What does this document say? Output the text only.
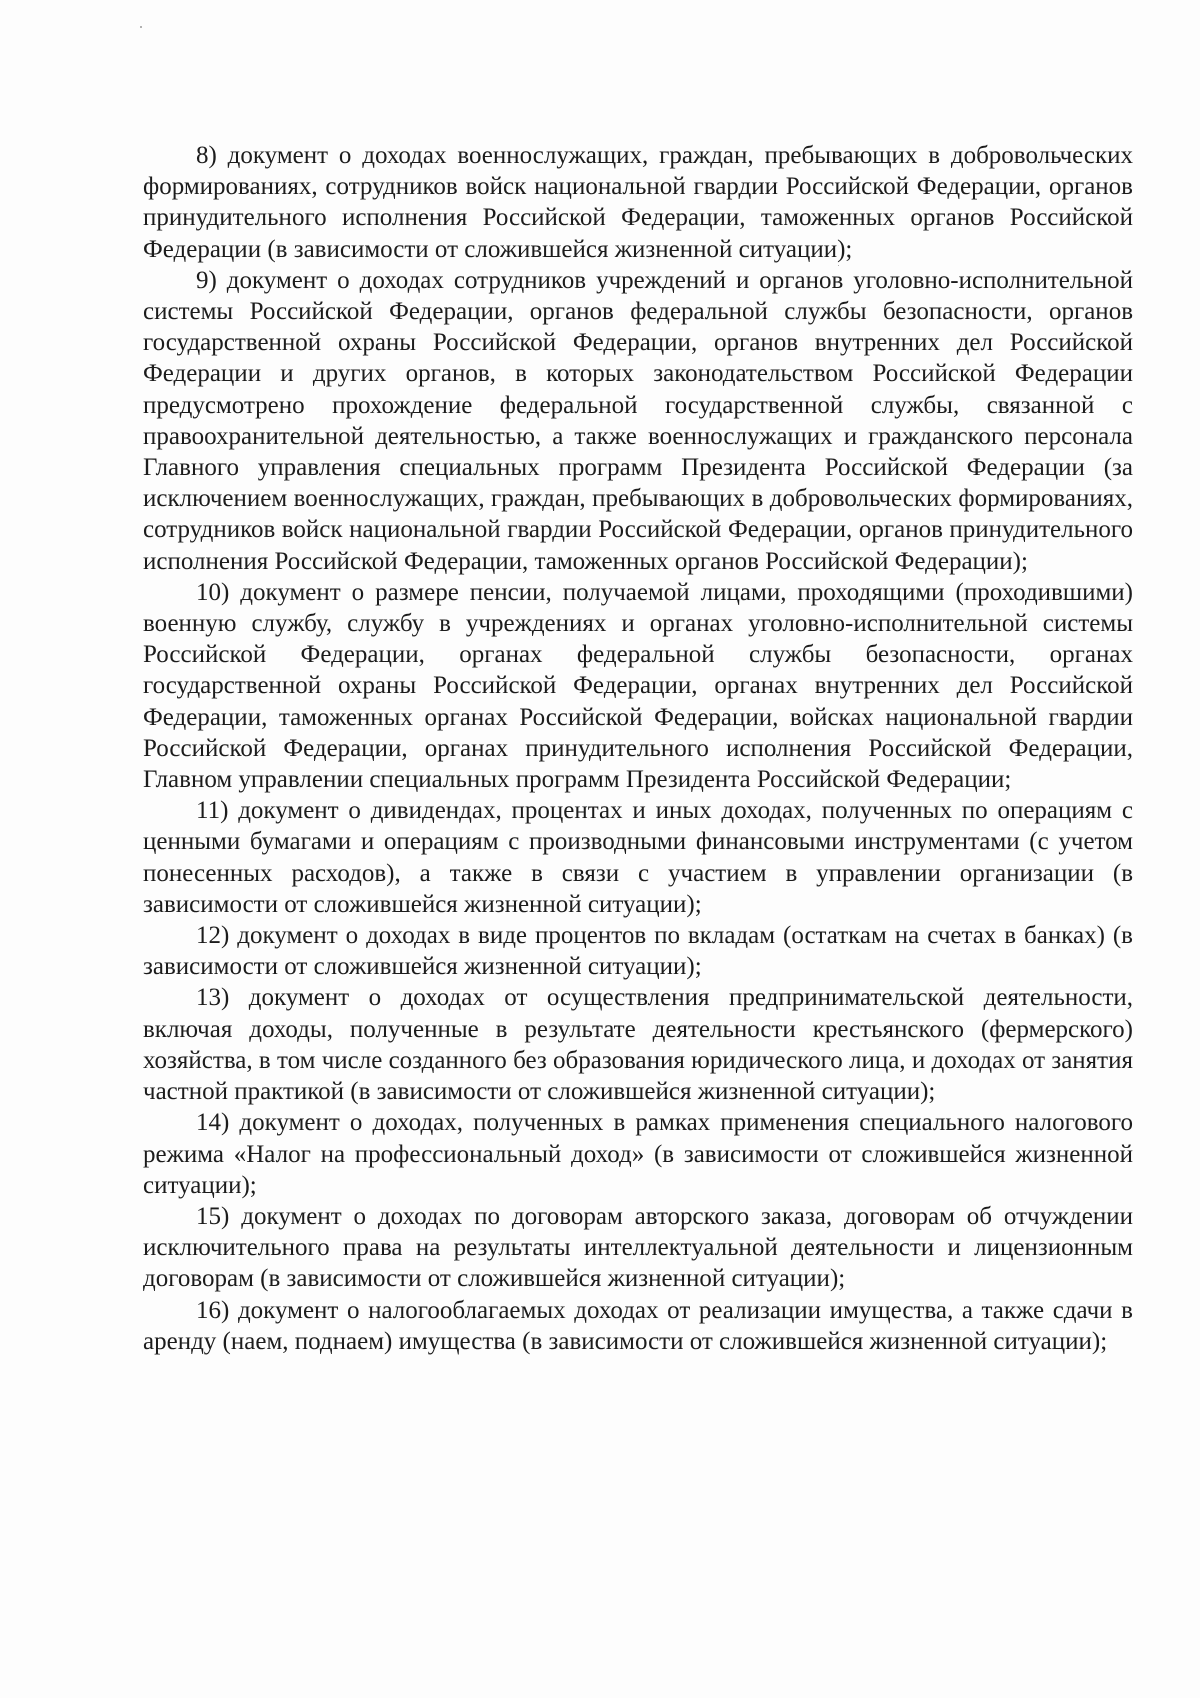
8) документ о доходах военнослужащих, граждан, пребывающих в добровольческих формированиях, сотрудников войск национальной гвардии Российской Федерации, органов принудительного исполнения Российской Федерации, таможенных органов Российской Федерации (в зависимости от сложившейся жизненной ситуации);

9) документ о доходах сотрудников учреждений и органов уголовно-исполнительной системы Российской Федерации, органов федеральной службы безопасности, органов государственной охраны Российской Федерации, органов внутренних дел Российской Федерации и других органов, в которых законодательством Российской Федерации предусмотрено прохождение федеральной государственной службы, связанной с правоохранительной деятельностью, а также военнослужащих и гражданского персонала Главного управления специальных программ Президента Российской Федерации (за исключением военнослужащих, граждан, пребывающих в добровольческих формированиях, сотрудников войск национальной гвардии Российской Федерации, органов принудительного исполнения Российской Федерации, таможенных органов Российской Федерации);

10) документ о размере пенсии, получаемой лицами, проходящими (проходившими) военную службу, службу в учреждениях и органах уголовно-исполнительной системы Российской Федерации, органах федеральной службы безопасности, органах государственной охраны Российской Федерации, органах внутренних дел Российской Федерации, таможенных органах Российской Федерации, войсках национальной гвардии Российской Федерации, органах принудительного исполнения Российской Федерации, Главном управлении специальных программ Президента Российской Федерации;

11) документ о дивидендах, процентах и иных доходах, полученных по операциям с ценными бумагами и операциям с производными финансовыми инструментами (с учетом понесенных расходов), а также в связи с участием в управлении организации (в зависимости от сложившейся жизненной ситуации);

12) документ о доходах в виде процентов по вкладам (остаткам на счетах в банках) (в зависимости от сложившейся жизненной ситуации);

13) документ о доходах от осуществления предпринимательской деятельности, включая доходы, полученные в результате деятельности крестьянского (фермерского) хозяйства, в том числе созданного без образования юридического лица, и доходах от занятия частной практикой (в зависимости от сложившейся жизненной ситуации);

14) документ о доходах, полученных в рамках применения специального налогового режима «Налог на профессиональный доход» (в зависимости от сложившейся жизненной ситуации);

15) документ о доходах по договорам авторского заказа, договорам об отчуждении исключительного права на результаты интеллектуальной деятельности и лицензионным договорам (в зависимости от сложившейся жизненной ситуации);

16) документ о налогооблагаемых доходах от реализации имущества, а также сдачи в аренду (наем, поднаем) имущества (в зависимости от сложившейся жизненной ситуации);
